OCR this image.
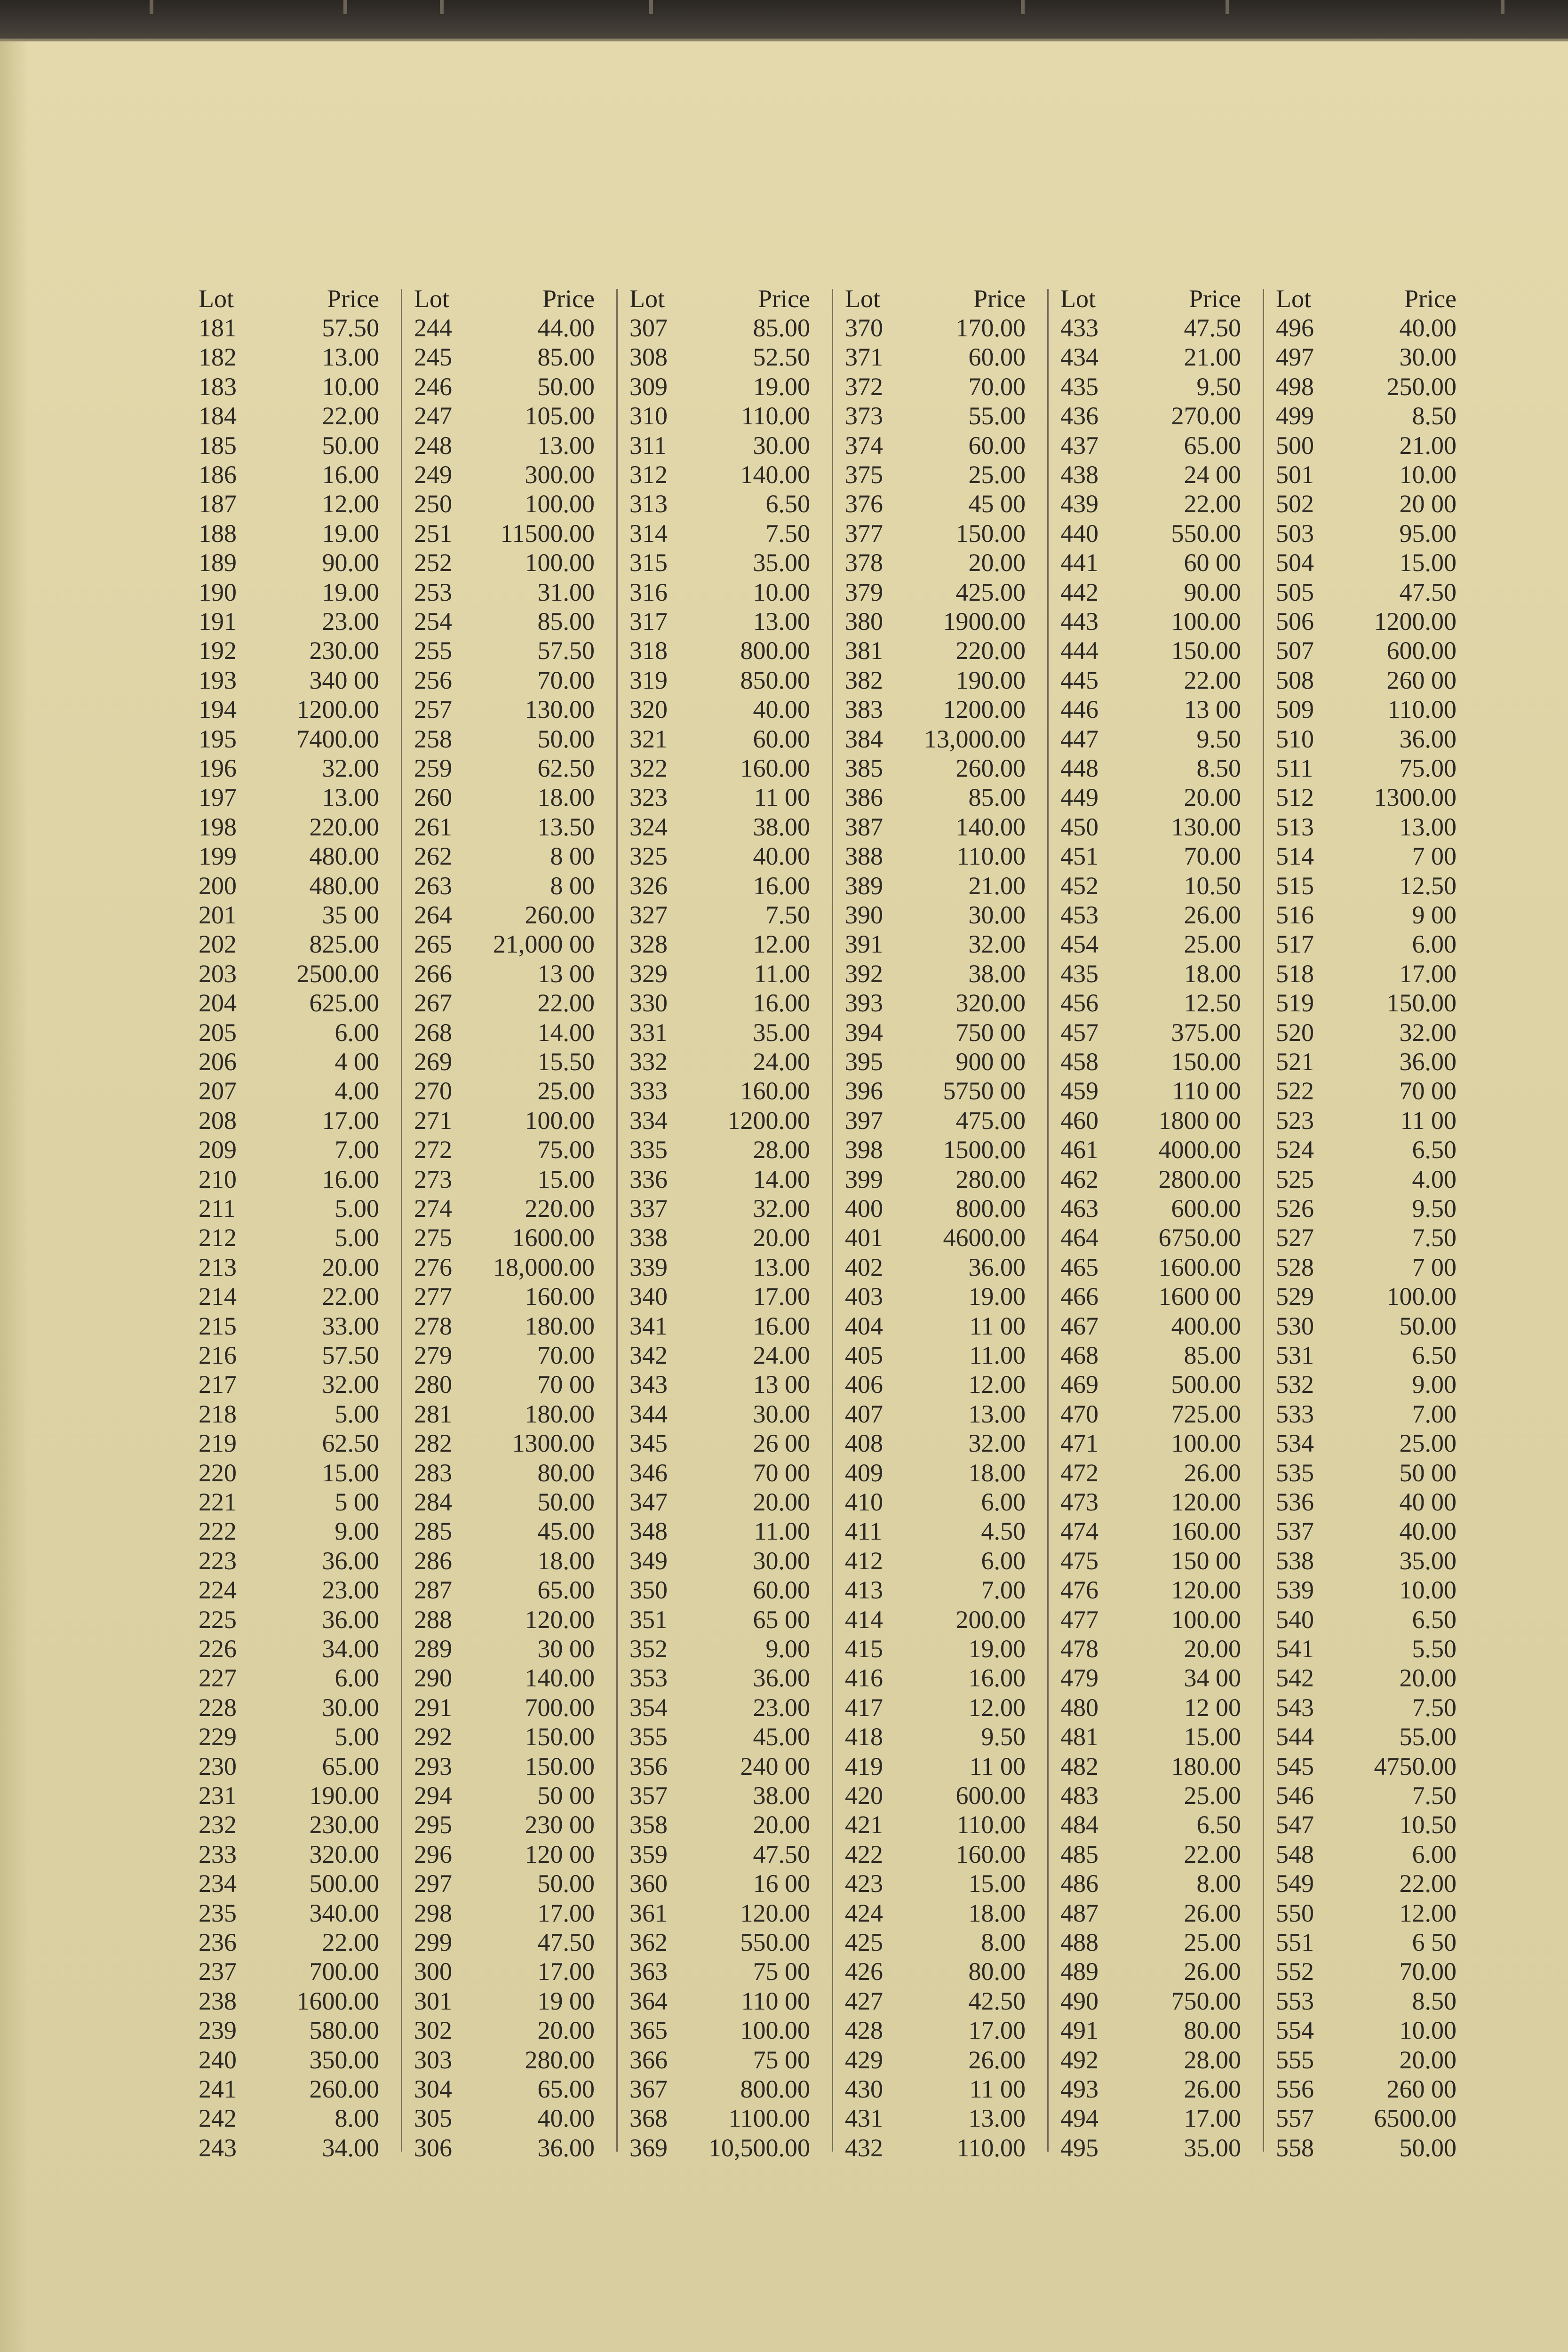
Lot	Price
181	57.50
182	13.00
183	10.00
184	22.00
185	50.00
186	16.00
187	12.00
188	19.00
189	90.00
190	19.00
191	23.00
192	230.00
193	340 00
194 1200.00
195 7400.00
196	32.00
197	13.00
198	220.00
199	480.00
200	480.00
201	35 00
202	825.00
203 2500.00
204	625.00
205	6.00
206	4 00
207	4.00
208	17.00
209	7.00
210	16.00
211	5.00
212	5.00
213	20.00
214	22.00
215	33.00
216	57.50
217	32.00
218	5.00
219	62.50
220	15.00
221	5 00
222	9.00
223	36.00
224	23.00
225	36.00
226	34.00
227	6.00
228	30.00
229	5.00
230	65.00
231	190.00
232	230.00
233	320.00
234	500.00
235	340.00
236	22.00
237	700.00
238 1600.00
239	580.00
240	350.00
241	260.00
242	8.00
243	34.00
Lot	Price
244	44.00
245	85.00
246	50.00
247	105.00
248	13.00
249	300.00
250	100.00
251 11500.00
252	100.00
253	31.00
254	85.00
255	57.50
256	70.00
257	130.00
258	50.00
259	62.50
260	18.00
261	13.50
262	8 00
263	8 00
264	260.00
265 21,000 00
266	13 00
267	22.00
268	14.00
269	15.50
270	25.00
271	100.00
272	75.00
273	15.00
274	220.00
275 1600.00
276 18,000.00
277	160.00
278	180.00
279	70.00
280	70 00
281	180.00
282 1300.00
283	80.00
284	50.00
285	45.00
286	18.00
287	65.00
288	120.00
289	30 00
290	140.00
291	700.00
292	150.00
293	150.00
294	50 00
295	230 00
296	120 00
297	50.00
298	17.00
299	47.50
300	17.00
301	19 00
302	20.00
303	280.00
304	65.00
305	40.00
306	36.00
Lot	Price
307	85.00
308	52.50
309	19.00
310	110.00
311	30.00
312	140.00
313	6.50
314	7.50
315	35.00
316	10.00
317	13.00
318	800.00
319	850.00
320	40.00
321	60.00
322	160.00
323	11 00
324	38.00
325	40.00
326	16.00
327	7.50
328	12.00
329	11.00
330	16.00
331	35.00
332	24.00
333	160.00
334 1200.00
335	28.00
336	14.00
337	32.00
338	20.00
339	13.00
340	17.00
341	16.00
342	24.00
343	13 00
344	30.00
345	26 00
346	70 00
347	20.00
348	11.00
349	30.00
350	60.00
351	65 00
352	9.00
353	36.00
354	23.00
355	45.00
356	240 00
357	38.00
358	20.00
359	47.50
360	16 00
361	120.00
362	550.00
363	75 00
364	110 00
365	100.00
366	75 00
367	800.00
368 1100.00
369 10,500.00
Lot	Price
370	170.00
371	60.00
372	70.00
373	55.00
374	60.00
375	25.00
376	45 00
377	150.00
378	20.00
379	425.00
380 1900.00
381	220.00
382	190.00
383 1200.00
384 13,000.00
385	260.00
386	85.00
387	140.00
388	110.00
389	21.00
390	30.00
391	32.00
392	38.00
393	320.00
394	750 00
395	900 00
396 5750 00
397	475.00
398 1500.00
399	280.00
400	800.00
401 4600.00
402	36.00
403	19.00
404	11 00
405	11.00
406	12.00
407	13.00
408	32.00
409	18.00
410	6.00
411	4.50
412	6.00
413	7.00
414	200.00
415	19.00
416	16.00
417	12.00
418	9.50
419	11 00
420	600.00
421	110.00
422	160.00
423	15.00
424	18.00
425	8.00
426	80.00
427	42.50
428	17.00
429	26.00
430	11 00
431	13.00
432	110.00
Lot	Price
433	47.50
434	21.00
435	9.50
436	270.00
437	65.00
438	24 00
439	22.00
440	550.00
441	60 00
442	90.00
443	100.00
444	150.00
445	22.00
446	13 00
447	9.50
448	8.50
449	20.00
450	130.00
451	70.00
452	10.50
453	26.00
454	25.00
435	18.00
456	12.50
457	375.00
458	150.00
459	110 00
460 1800 00
461 4000.00
462 2800.00
463	600.00
464 6750.00
465 1600.00
466 1600 00
467	400.00
468	85.00
469	500.00
470	725.00
471	100.00
472	26.00
473	120.00
474	160.00
475	150 00
476	120.00
477	100.00
478	20.00
479	34 00
480	12 00
481	15.00
482	180.00
483	25.00
484	6.50
485	22.00
486	8.00
487	26.00
488	25.00
489	26.00
490	750.00
491	80.00
492	28.00
493	26.00
494	17.00
495	35.00
Lot	Price
496	40.00
497	30.00
498	250.00
499	8.50
500	21.00
501	10.00
502	20 00
503	95.00
504	15.00
505	47.50
506 1200.00
507	600.00
508	260 00
509	110.00
510	36.00
511	75.00
512 1300.00
513	13.00
514	7 00
515	12.50
516	9 00
517	6.00
518	17.00
519	150.00
520	32.00
521	36.00
522	70 00
523	11 00
524	6.50
525	4.00
526	9.50
527	7.50
528	7 00
529	100.00
530	50.00
531	6.50
532	9.00
533	7.00
534	25.00
535	50 00
536	40 00
537	40.00
538	35.00
539	10.00
540	6.50
541	5.50
542	20.00
543	7.50
544	55.00
545 4750.00
546	7.50
547	10.50
548	6.00
549	22.00
550	12.00
551	6 50
552	70.00
553	8.50
554	10.00
555	20.00
556	260 00
557 6500.00
558	50.00
